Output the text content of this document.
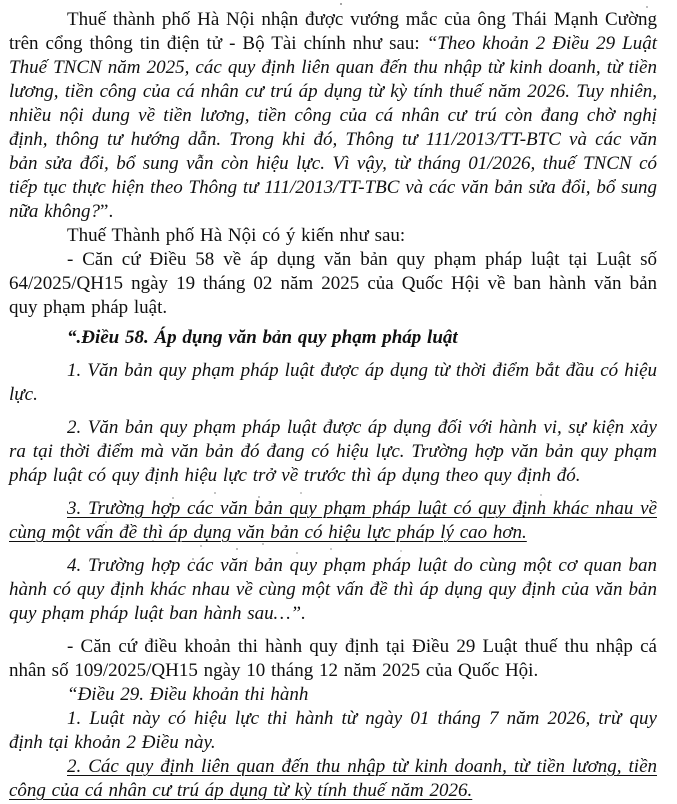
Thuế thành phố Hà Nội nhận được vướng mắc của ông Thái Mạnh Cường trên cổng thông tin điện tử - Bộ Tài chính như sau: “Theo khoản 2 Điều 29 Luật Thuế TNCN năm 2025, các quy định liên quan đến thu nhập từ kinh doanh, từ tiền lương, tiền công của cá nhân cư trú áp dụng từ kỳ tính thuế năm 2026. Tuy nhiên, nhiều nội dung về tiền lương, tiền công của cá nhân cư trú còn đang chờ nghị định, thông tư hướng dẫn. Trong khi đó, Thông tư 111/2013/TT-BTC và các văn bản sửa đổi, bổ sung vẫn còn hiệu lực. Vì vậy, từ tháng 01/2026, thuế TNCN có tiếp tục thực hiện theo Thông tư 111/2013/TT-TBC và các văn bản sửa đổi, bổ sung nữa không?”.

Thuế Thành phố Hà Nội có ý kiến như sau:

- Căn cứ Điều 58 về áp dụng văn bản quy phạm pháp luật tại Luật số 64/2025/QH15 ngày 19 tháng 02 năm 2025 của Quốc Hội về ban hành văn bản quy phạm pháp luật.

“.Điều 58. Áp dụng văn bản quy phạm pháp luật

1. Văn bản quy phạm pháp luật được áp dụng từ thời điểm bắt đầu có hiệu lực.

2. Văn bản quy phạm pháp luật được áp dụng đối với hành vi, sự kiện xảy ra tại thời điểm mà văn bản đó đang có hiệu lực. Trường hợp văn bản quy phạm pháp luật có quy định hiệu lực trở về trước thì áp dụng theo quy định đó.

3. Trường hợp các văn bản quy phạm pháp luật có quy định khác nhau về cùng một vấn đề thì áp dụng văn bản có hiệu lực pháp lý cao hơn.

4. Trường hợp các văn bản quy phạm pháp luật do cùng một cơ quan ban hành có quy định khác nhau về cùng một vấn đề thì áp dụng quy định của văn bản quy phạm pháp luật ban hành sau…”.

- Căn cứ điều khoản thi hành quy định tại Điều 29 Luật thuế thu nhập cá nhân số 109/2025/QH15 ngày 10 tháng 12 năm 2025 của Quốc Hội.

“Điều 29. Điều khoản thi hành

1. Luật này có hiệu lực thi hành từ ngày 01 tháng 7 năm 2026, trừ quy định tại khoản 2 Điều này.

2. Các quy định liên quan đến thu nhập từ kinh doanh, từ tiền lương, tiền công của cá nhân cư trú áp dụng từ kỳ tính thuế năm 2026.
